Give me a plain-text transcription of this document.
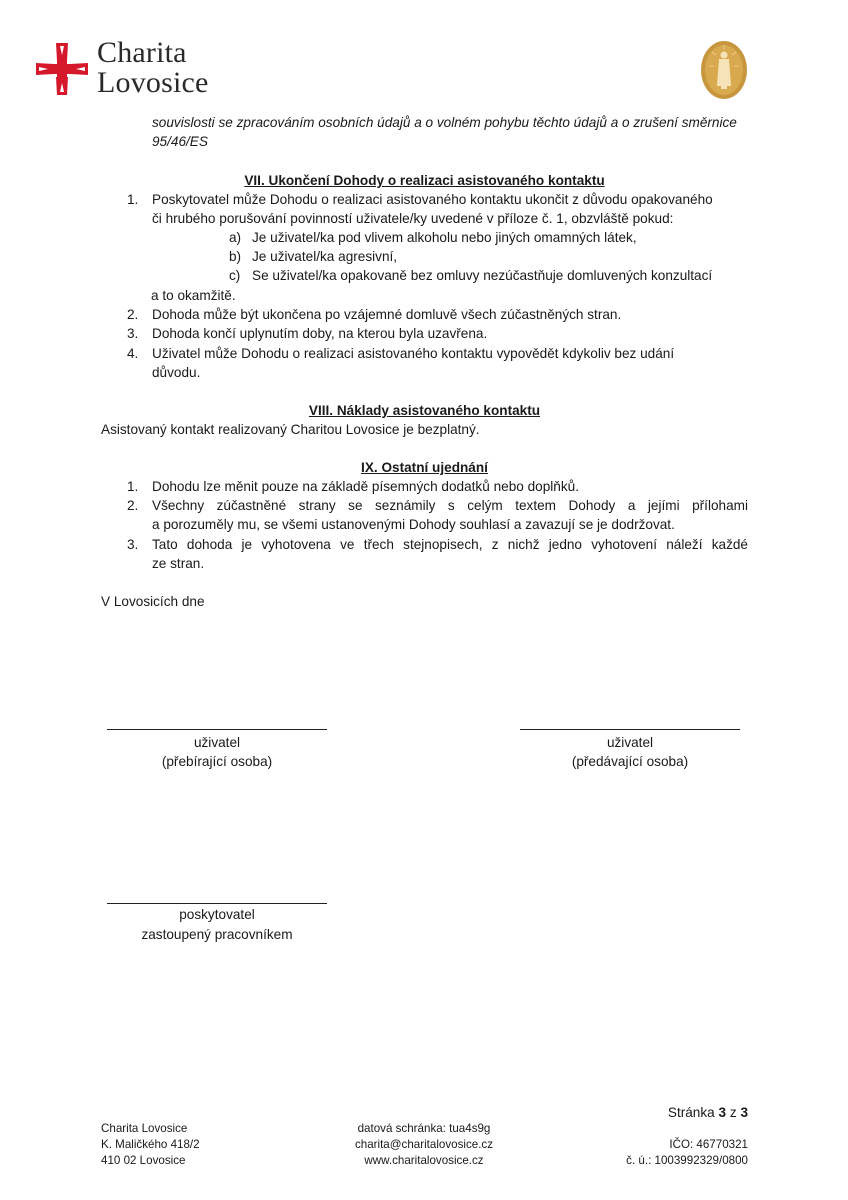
Charita
Lovosice
souvislosti se zpracováním osobních údajů a o volném pohybu těchto údajů a o zrušení směrnice
95/46/ES
VII. Ukončení Dohody o realizaci asistovaného kontaktu
1. Poskytovatel může Dohodu o realizaci asistovaného kontaktu ukončit z důvodu opakovaného
či hrubého porušování povinností uživatele/ky uvedené v příloze č. 1, obzvláště pokud:
a) Je uživatel/ka pod vlivem alkoholu nebo jiných omamných látek,
b) Je uživatel/ka agresivní,
c) Se uživatel/ka opakovaně bez omluvy nezúčastňuje domluvených konzultací
a to okamžitě.
2. Dohoda může být ukončena po vzájemné domluvě všech zúčastněných stran.
3. Dohoda končí uplynutím doby, na kterou byla uzavřena.
4. Uživatel může Dohodu o realizaci asistovaného kontaktu vypovědět kdykoliv bez udání
důvodu.
VIII. Náklady asistovaného kontaktu
Asistovaný kontakt realizovaný Charitou Lovosice je bezplatný.
IX. Ostatní ujednání
1. Dohodu lze měnit pouze na základě písemných dodatků nebo doplňků.
2. Všechny zúčastněné strany se seznámily s celým textem Dohody a jejími přílohami
a porozuměly mu, se všemi ustanovenými Dohody souhlasí a zavazují se je dodržovat.
3. Tato dohoda je vyhotovena ve třech stejnopisech, z nichž jedno vyhotovení náleží každé
ze stran.
V Lovosicích dne
uživatel
(přebírající osoba)
uživatel
(předávající osoba)
poskytovatel
zastoupený pracovníkem
Stránka 3 z 3
Charita Lovosice
K. Maličkého 418/2
410 02 Lovosice
datová schránka: tua4s9g
charita@charitalovosice.cz
www.charitalovosice.cz

IČO: 46770321
č. ú.: 1003992329/0800
